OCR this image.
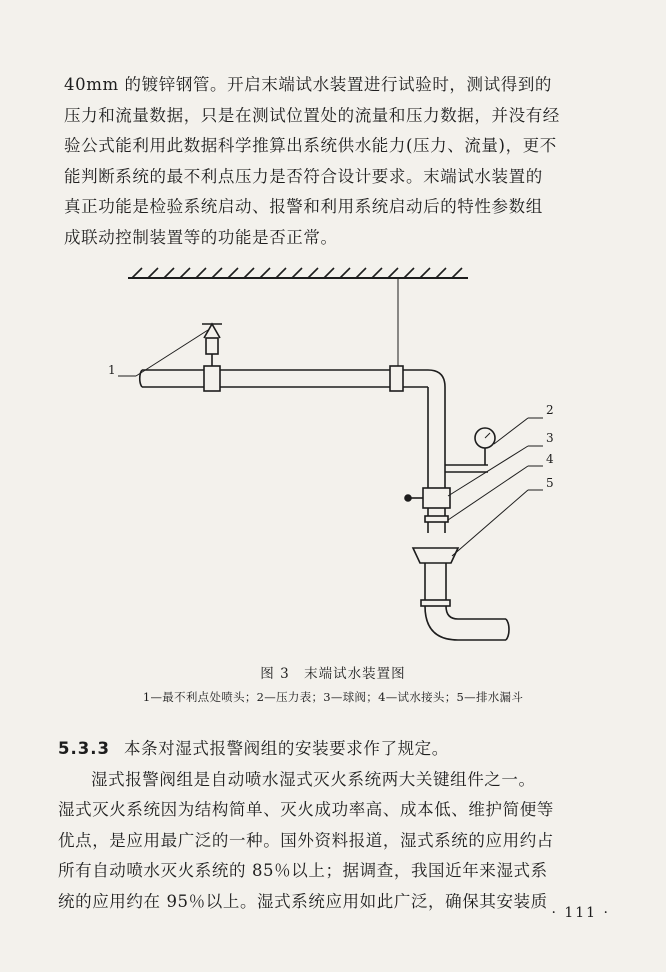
40mm 的镀锌钢管。开启末端试水装置进行试验时，测试得到的
压力和流量数据，只是在测试位置处的流量和压力数据，并没有经
验公式能利用此数据科学推算出系统供水能力(压力、流量)，更不
能判断系统的最不利点压力是否符合设计要求。末端试水装置的
真正功能是检验系统启动、报警和利用系统启动后的特性参数组
成联动控制装置等的功能是否正常。
1
2
3
4
5
图 3　末端试水装置图
1—最不利点处喷头；2—压力表；3—球阀；4—试水接头；5—排水漏斗
5.3.3 本条对湿式报警阀组的安装要求作了规定。
湿式报警阀组是自动喷水湿式灭火系统两大关键组件之一。
湿式灭火系统因为结构简单、灭火成功率高、成本低、维护简便等
优点，是应用最广泛的一种。国外资料报道，湿式系统的应用约占
所有自动喷水灭火系统的 85％以上；据调查，我国近年来湿式系
统的应用约在 95％以上。湿式系统应用如此广泛，确保其安装质
· 111 ·
